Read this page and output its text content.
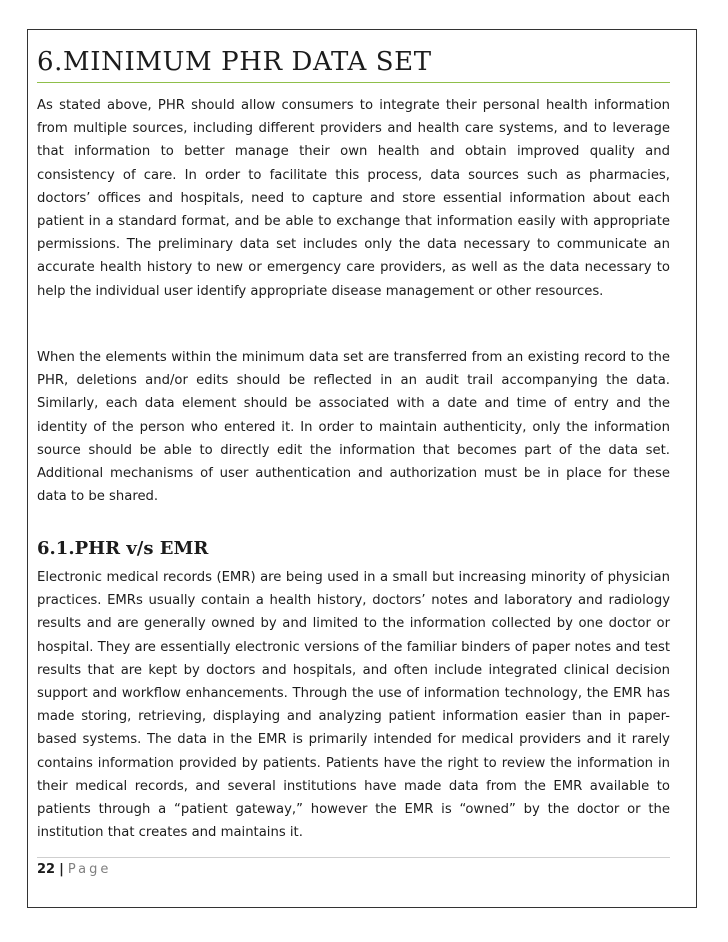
6.MINIMUM PHR DATA SET
As stated above, PHR should allow consumers to integrate their personal health information from multiple sources, including different providers and health care systems, and to leverage that information to better manage their own health and obtain improved quality and consistency of care. In order to facilitate this process, data sources such as pharmacies, doctors’ offices and hospitals, need to capture and store essential information about each patient in a standard format, and be able to exchange that information easily with appropriate permissions. The preliminary data set includes only the data necessary to communicate an accurate health history to new or emergency care providers, as well as the data necessary to help the individual user identify appropriate disease management or other resources.
When the elements within the minimum data set are transferred from an existing record to the PHR, deletions and/or edits should be reflected in an audit trail accompanying the data. Similarly, each data element should be associated with a date and time of entry and the identity of the person who entered it. In order to maintain authenticity, only the information source should be able to directly edit the information that becomes part of the data set. Additional mechanisms of user authentication and authorization must be in place for these data to be shared.
6.1.PHR v/s EMR
Electronic medical records (EMR) are being used in a small but increasing minority of physician practices. EMRs usually contain a health history, doctors’ notes and laboratory and radiology results and are generally owned by and limited to the information collected by one doctor or hospital. They are essentially electronic versions of the familiar binders of paper notes and test results that are kept by doctors and hospitals, and often include integrated clinical decision support and workflow enhancements. Through the use of information technology, the EMR has made storing, retrieving, displaying and analyzing patient information easier than in paper-based systems. The data in the EMR is primarily intended for medical providers and it rarely contains information provided by patients. Patients have the right to review the information in their medical records, and several institutions have made data from the EMR available to patients through a “patient gateway,” however the EMR is “owned” by the doctor or the institution that creates and maintains it.
22 | Page
